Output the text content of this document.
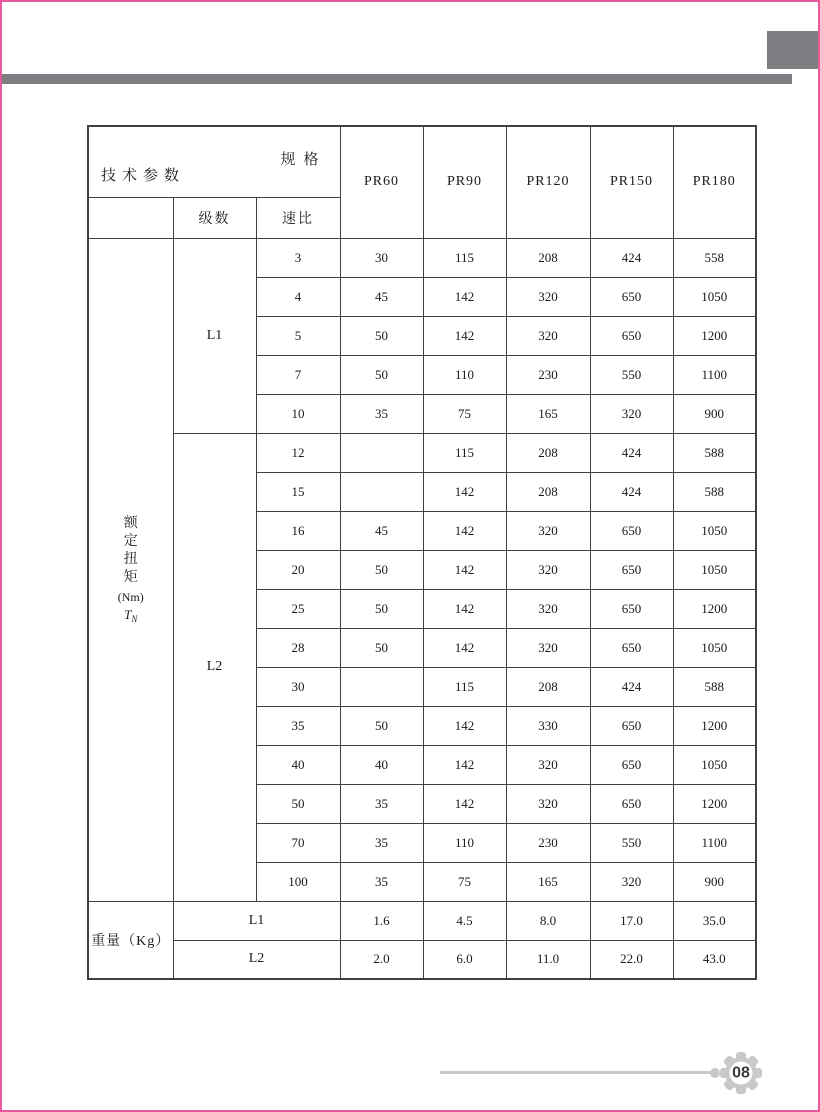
规格
技术参数			PR60	PR90	PR120	PR150	PR180
	级数	速比					

额
定
扭
矩
(Nm)
$T_N$
	L1	3	30	115	208	424	558
		4	45	142	320	650	1050
		5	50	142	320	650	1200
		7	50	110	230	550	1100
		10	35	75	165	320	900
	L2	12		115	208	424	588
		15		142	208	424	588
		16	45	142	320	650	1050
		20	50	142	320	650	1050
		25	50	142	320	650	1200
		28	50	142	320	650	1050
		30		115	208	424	588
		35	50	142	330	650	1200
		40	40	142	320	650	1050
		50	35	142	320	650	1200
		70	35	110	230	550	1100
		100	35	75	165	320	900
重量（Kg）	L1		1.6	4.5	8.0	17.0	35.0
	L2		2.0	6.0	11.0	22.0	43.0
08
